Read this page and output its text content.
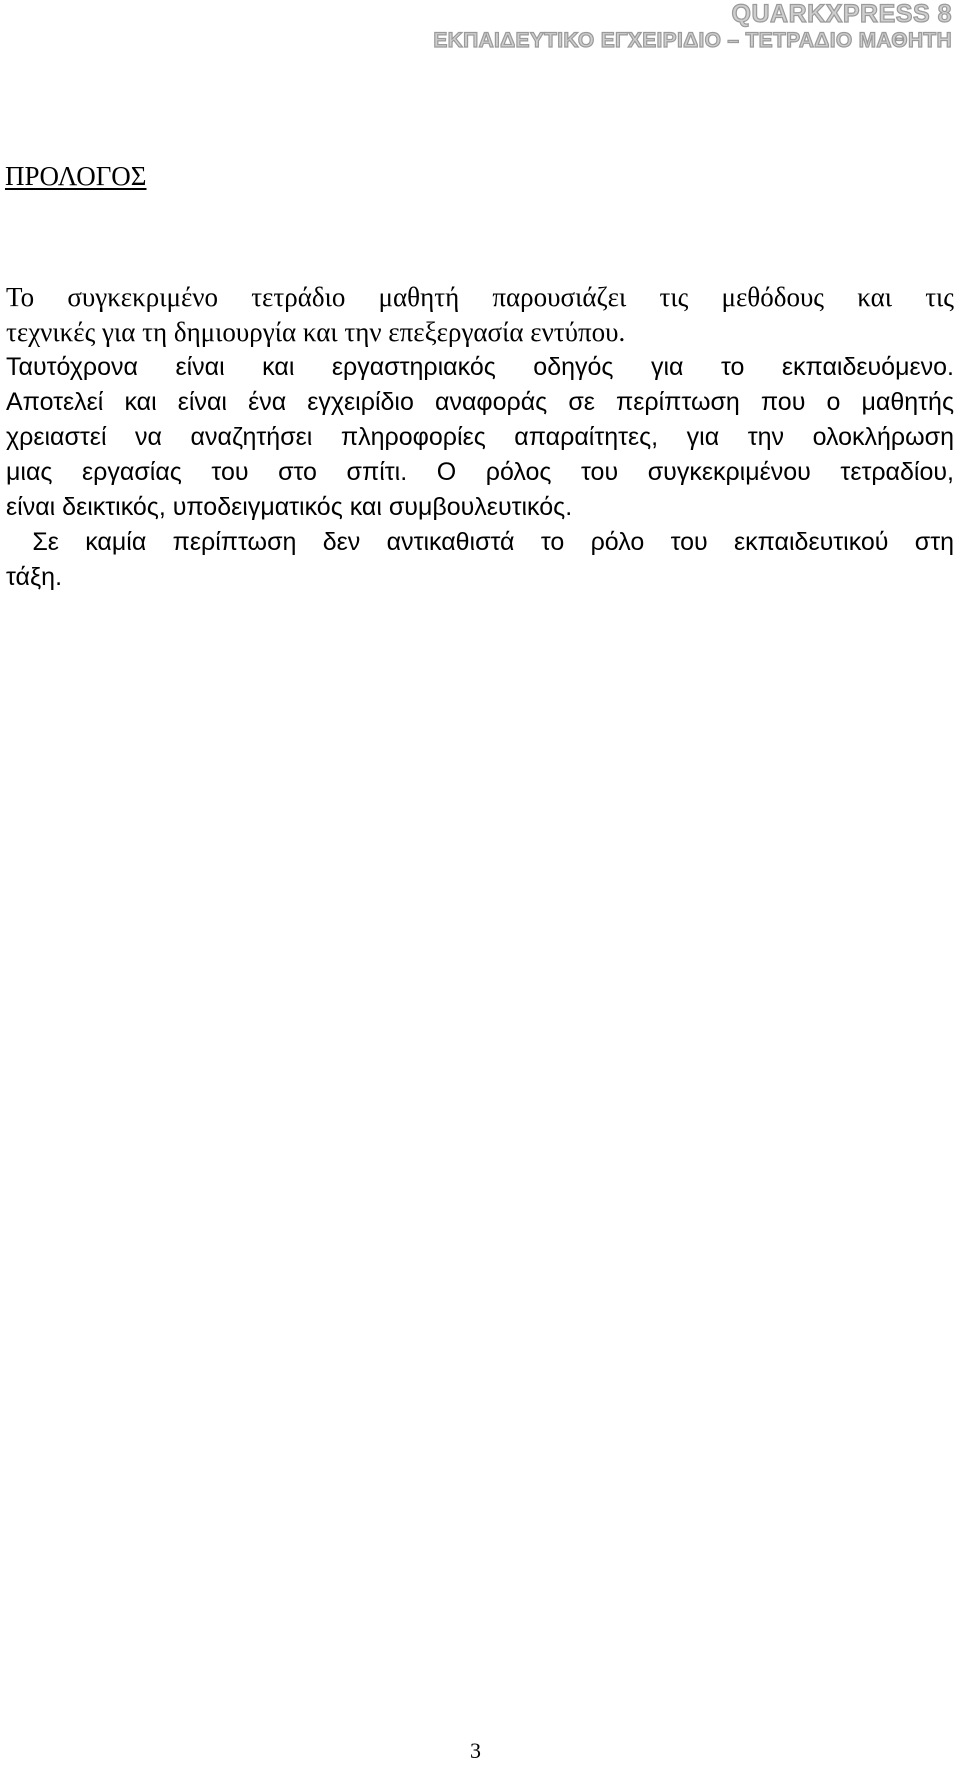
QUARKXPRESS 8
ΕΚΠΑΙΔΕΥΤΙΚΟ ΕΓΧΕΙΡΙΔΙΟ – ΤΕΤΡΑΔΙΟ ΜΑΘΗΤΗ
ΠΡΟΛΟΓΟΣ
Το συγκεκριμένο τετράδιο μαθητή παρουσιάζει τις μεθόδους και τις
τεχνικές για τη δημιουργία και την επεξεργασία εντύπου.
Ταυτόχρονα είναι και εργαστηριακός οδηγός για το εκπαιδευόμενο.
Αποτελεί και είναι ένα εγχειρίδιο αναφοράς σε περίπτωση που ο μαθητής
χρειαστεί να αναζητήσει πληροφορίες απαραίτητες, για την ολοκλήρωση
μιας εργασίας του στο σπίτι. Ο ρόλος του συγκεκριμένου τετραδίου,
είναι δεικτικός, υποδειγματικός και συμβουλευτικός.
Σε καμία περίπτωση δεν αντικαθιστά το ρόλο του εκπαιδευτικού στη
τάξη.
3
